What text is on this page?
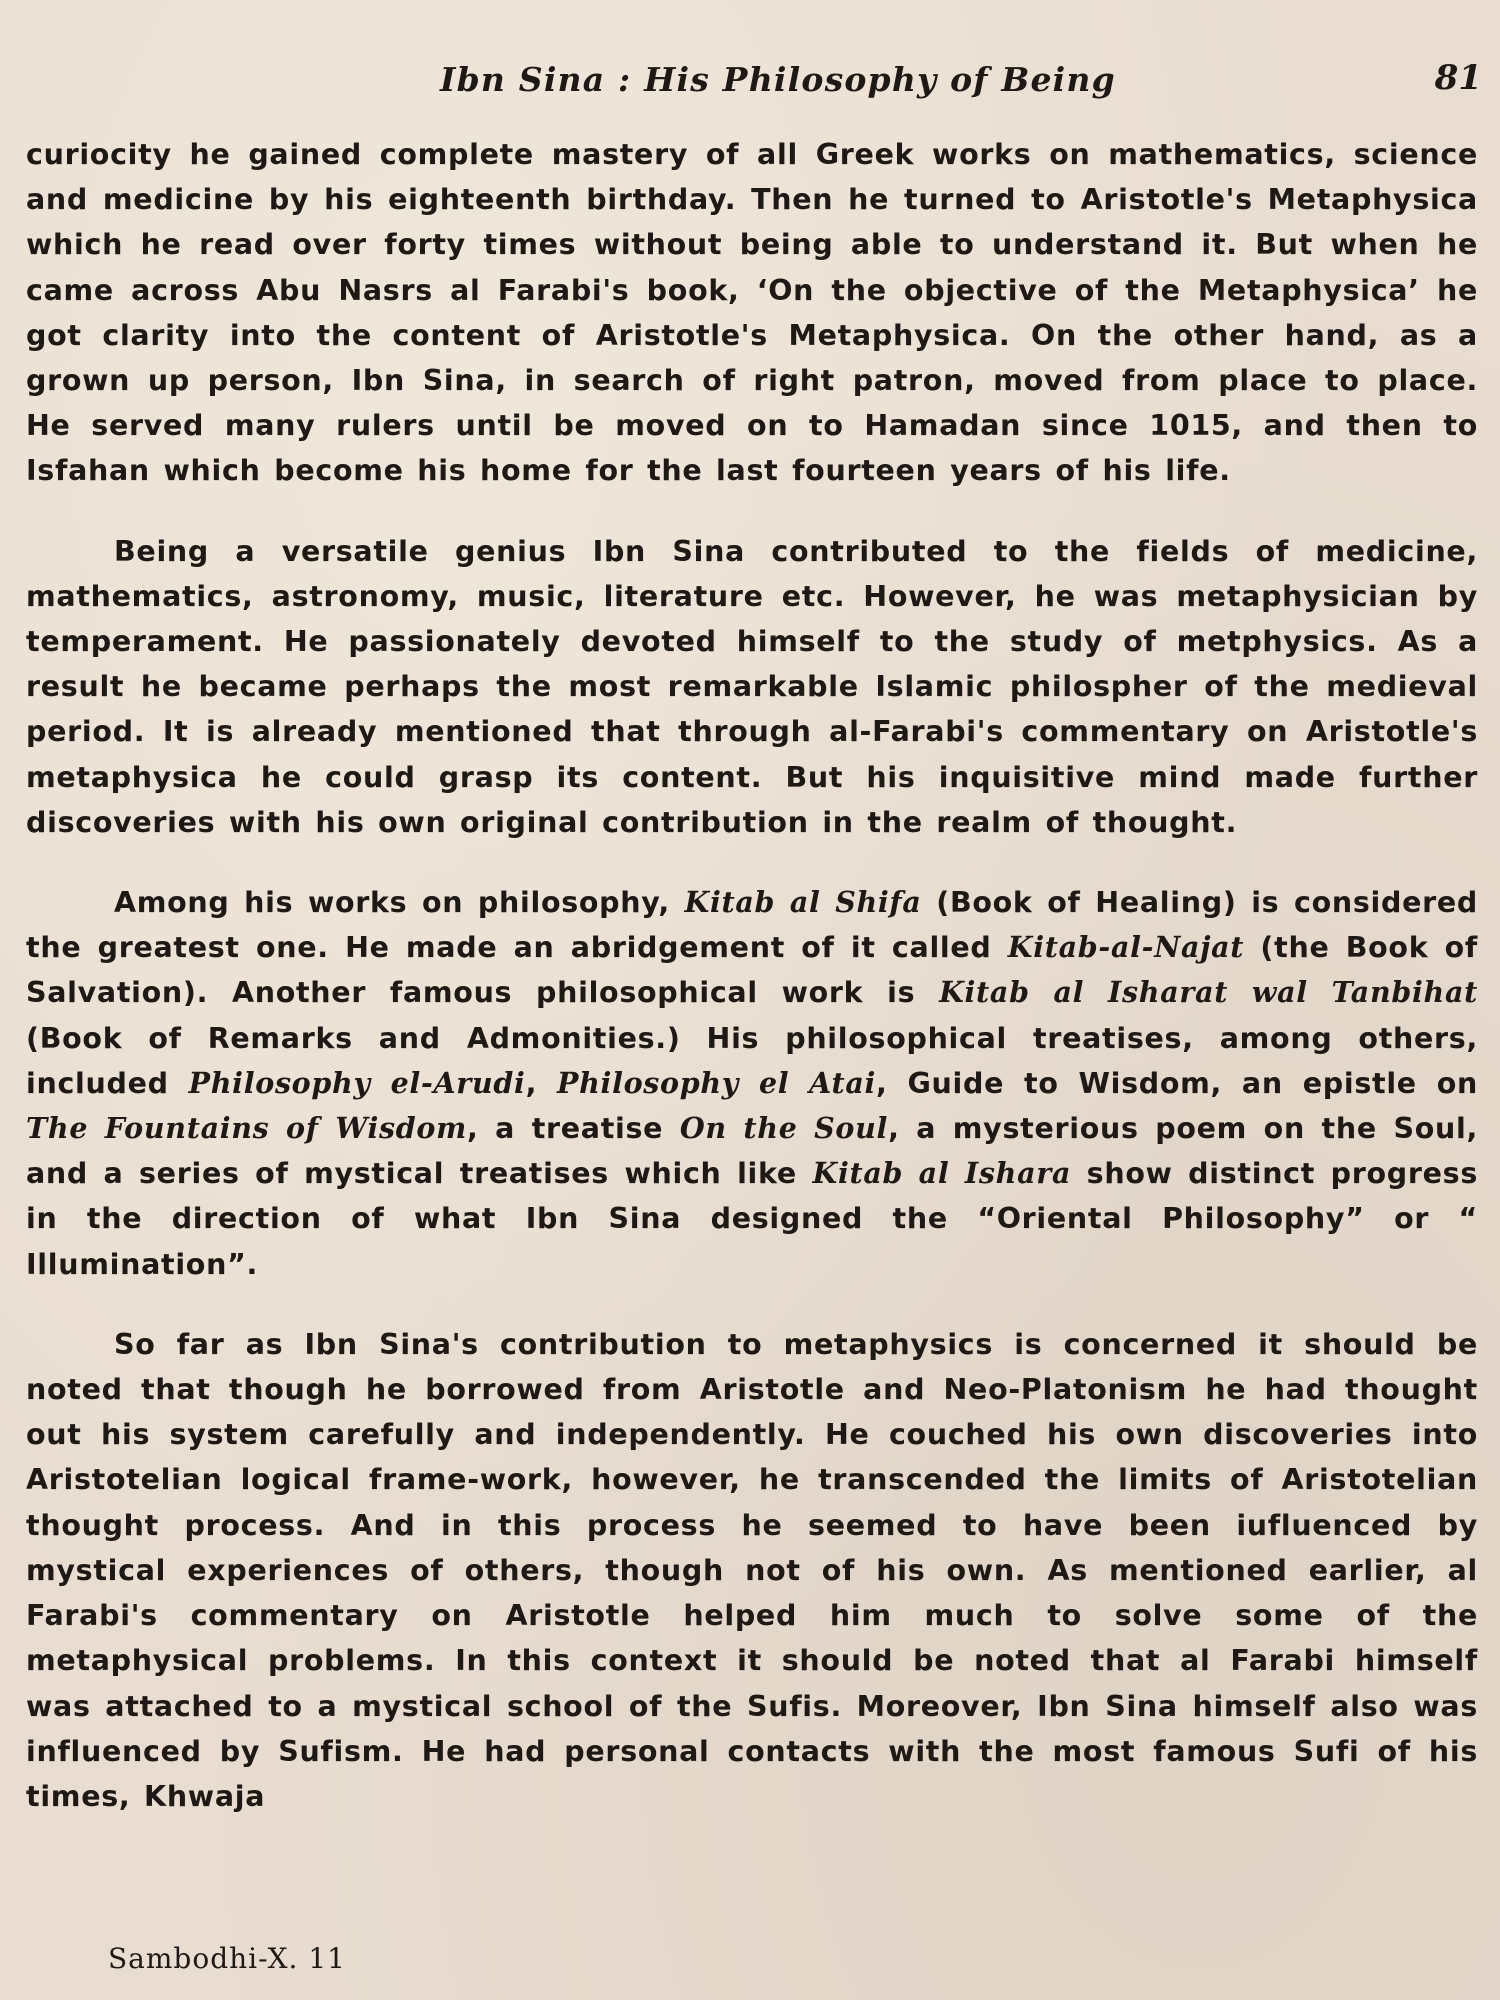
Ibn Sina : His Philosophy of Being	81

curiocity he gained complete mastery of all Greek works on mathematics, science and medicine by his eighteenth birthday. Then he turned to Aristotle's Metaphysica which he read over forty times without being able to understand it. But when he came across Abu Nasrs al Farabi's book, ‘On the objective of the Metaphysica’ he got clarity into the content of Aristotle's Metaphysica. On the other hand, as a grown up person, Ibn Sina, in search of right patron, moved from place to place. He served many rulers until be moved on to Hamadan since 1015, and then to Isfahan which become his home for the last fourteen years of his life.

Being a versatile genius Ibn Sina contributed to the fields of medicine, mathematics, astronomy, music, literature etc. However, he was metaphysician by temperament. He passionately devoted himself to the study of metphysics. As a result he became perhaps the most remarkable Islamic philospher of the medieval period. It is already mentioned that through al-Farabi's commentary on Aristotle's metaphysica he could grasp its content. But his inquisitive mind made further discoveries with his own original contribution in the realm of thought.

Among his works on philosophy, Kitab al Shifa (Book of Healing) is considered the greatest one. He made an abridgement of it called Kitab-al-Najat (the Book of Salvation). Another famous philosophical work is Kitab al Isharat wal Tanbihat (Book of Remarks and Admonities.) His philosophical treatises, among others, included Philosophy el-Arudi, Philosophy el Atai, Guide to Wisdom, an epistle on The Fountains of Wisdom, a treatise On the Soul, a mysterious poem on the Soul, and a series of mystical treatises which like Kitab al Ishara show distinct progress in the direction of what Ibn Sina designed the “Oriental Philosophy” or “ Illumination”.

So far as Ibn Sina's contribution to metaphysics is concerned it should be noted that though he borrowed from Aristotle and Neo-Platonism he had thought out his system carefully and independently. He couched his own discoveries into Aristotelian logical frame-work, however, he transcended the limits of Aristotelian thought process. And in this process he seemed to have been iufluenced by mystical experiences of others, though not of his own. As mentioned earlier, al Farabi's commentary on Aristotle helped him much to solve some of the metaphysical problems. In this context it should be noted that al Farabi himself was attached to a mystical school of the Sufis. Moreover, Ibn Sina himself also was influenced by Sufism. He had personal contacts with the most famous Sufi of his times, Khwaja

Sambodhi-X. 11
